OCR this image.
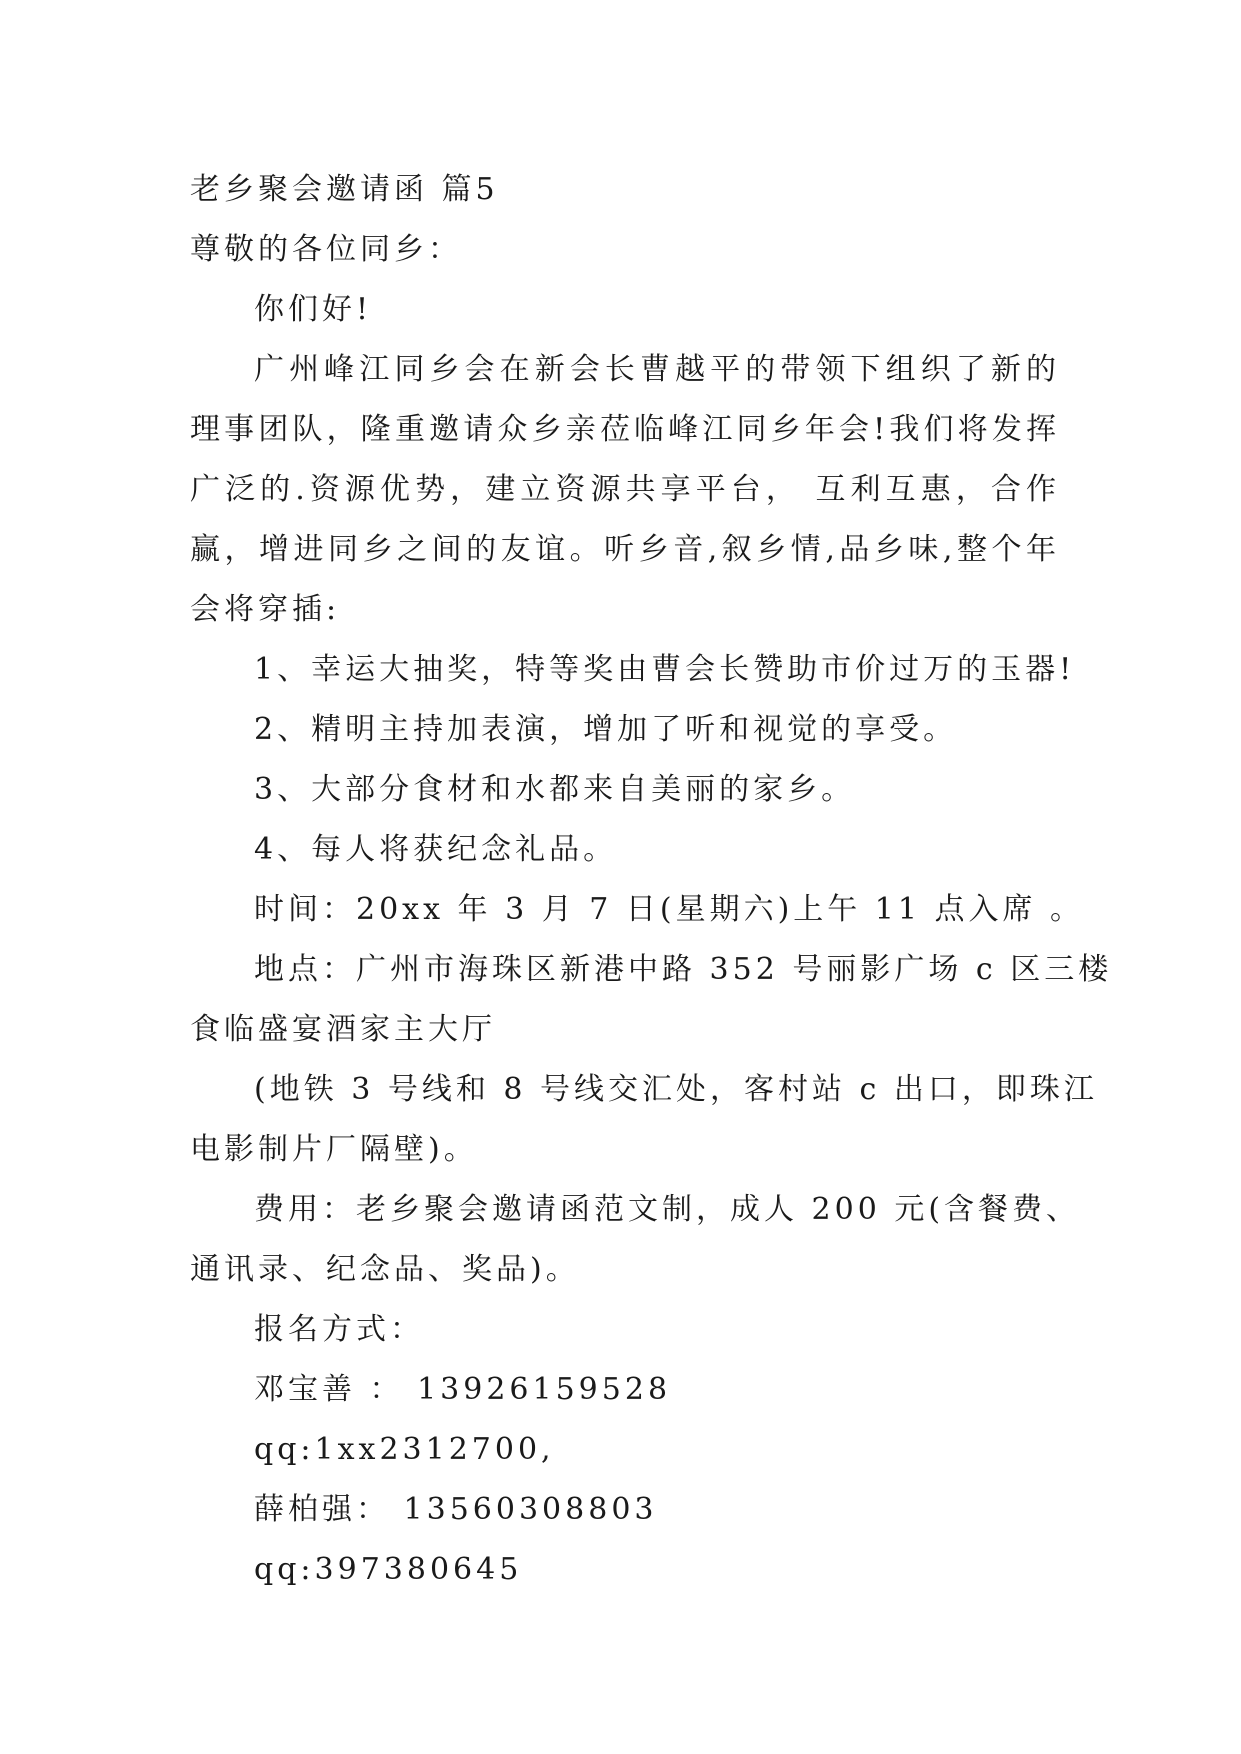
老乡聚会邀请函 篇5
尊敬的各位同乡：
你们好!
广州峰江同乡会在新会长曹越平的带领下组织了新的
理事团队，隆重邀请众乡亲莅临峰江同乡年会!我们将发挥
广泛的.资源优势，建立资源共享平台， 互利互惠，合作
赢，增进同乡之间的友谊。听乡音,叙乡情,品乡味,整个年
会将穿插:
1、幸运大抽奖，特等奖由曹会长赞助市价过万的玉器!
2、精明主持加表演，增加了听和视觉的享受。
3、大部分食材和水都来自美丽的家乡。
4、每人将获纪念礼品。
时间：20xx 年 3 月 7 日(星期六)上午 11 点入席 。
地点：广州市海珠区新港中路 352 号丽影广场 c 区三楼
食临盛宴酒家主大厅
(地铁 3 号线和 8 号线交汇处，客村站 c 出口，即珠江
电影制片厂隔壁)。
费用：老乡聚会邀请函范文制，成人 200 元(含餐费、
通讯录、纪念品、奖品)。
报名方式：
邓宝善 ： 13926159528
qq:1xx2312700,
薛柏强： 13560308803
qq:397380645
